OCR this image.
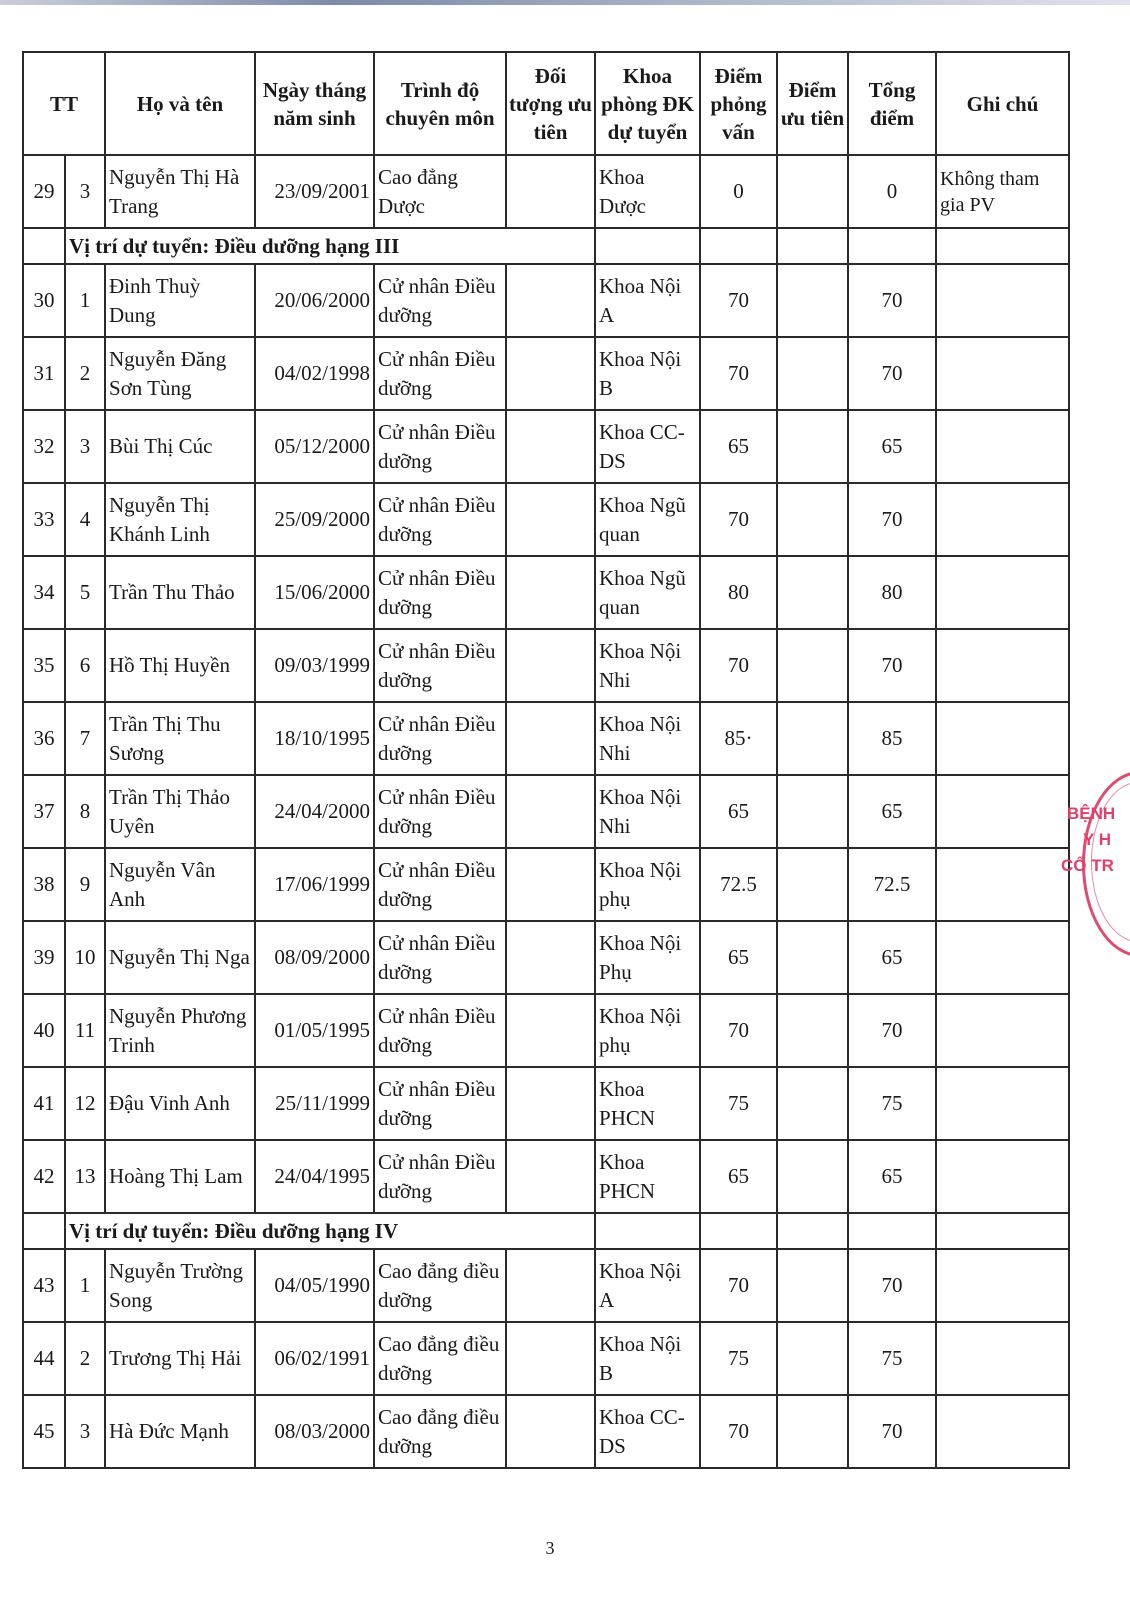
TT		Họ và tên	Ngày tháng năm sinh	Trình độ chuyên môn	Đối tượng ưu tiên	Khoa phòng ĐK dự tuyển	Điểm phỏng vấn	Điểm ưu tiên	Tổng điểm	Ghi chú
29	3	Nguyễn Thị Hà Trang	23/09/2001	Cao đẳng Dược		Khoa Dược	0		0	Không tham gia PV
	Vị trí dự tuyển: Điều dưỡng hạng III									
30	1	Đinh Thuỳ Dung	20/06/2000	Cử nhân Điều dưỡng		Khoa Nội A	70		70	
31	2	Nguyễn Đăng Sơn Tùng	04/02/1998	Cử nhân Điều dưỡng		Khoa Nội B	70		70	
32	3	Bùi Thị Cúc	05/12/2000	Cử nhân Điều dưỡng		Khoa CC-DS	65		65	
33	4	Nguyễn Thị Khánh Linh	25/09/2000	Cử nhân Điều dưỡng		Khoa Ngũ quan	70		70	
34	5	Trần Thu Thảo	15/06/2000	Cử nhân Điều dưỡng		Khoa Ngũ quan	80		80	
35	6	Hồ Thị Huyền	09/03/1999	Cử nhân Điều dưỡng		Khoa Nội Nhi	70		70	
36	7	Trần Thị Thu Sương	18/10/1995	Cử nhân Điều dưỡng		Khoa Nội Nhi	85·		85	
37	8	Trần Thị Thảo Uyên	24/04/2000	Cử nhân Điều dưỡng		Khoa Nội Nhi	65		65	
38	9	Nguyễn Vân Anh	17/06/1999	Cử nhân Điều dưỡng		Khoa Nội phụ	72.5		72.5	
39	10	Nguyễn Thị Nga	08/09/2000	Cử nhân Điều dưỡng		Khoa Nội Phụ	65		65	
40	11	Nguyễn Phương Trinh	01/05/1995	Cử nhân Điều dưỡng		Khoa Nội phụ	70		70	
41	12	Đậu Vinh Anh	25/11/1999	Cử nhân Điều dưỡng		Khoa PHCN	75		75	
42	13	Hoàng Thị Lam	24/04/1995	Cử nhân Điều dưỡng		Khoa PHCN	65		65	
	Vị trí dự tuyển: Điều dưỡng hạng IV									
43	1	Nguyễn Trường Song	04/05/1990	Cao đẳng điều dưỡng		Khoa Nội A	70		70	
44	2	Trương Thị Hải	06/02/1991	Cao đẳng điều dưỡng		Khoa Nội B	75		75	
45	3	Hà Đức Mạnh	08/03/2000	Cao đẳng điều dưỡng		Khoa CC-DS	70		70	
3
BỆNH
Y H
CỔ TR
